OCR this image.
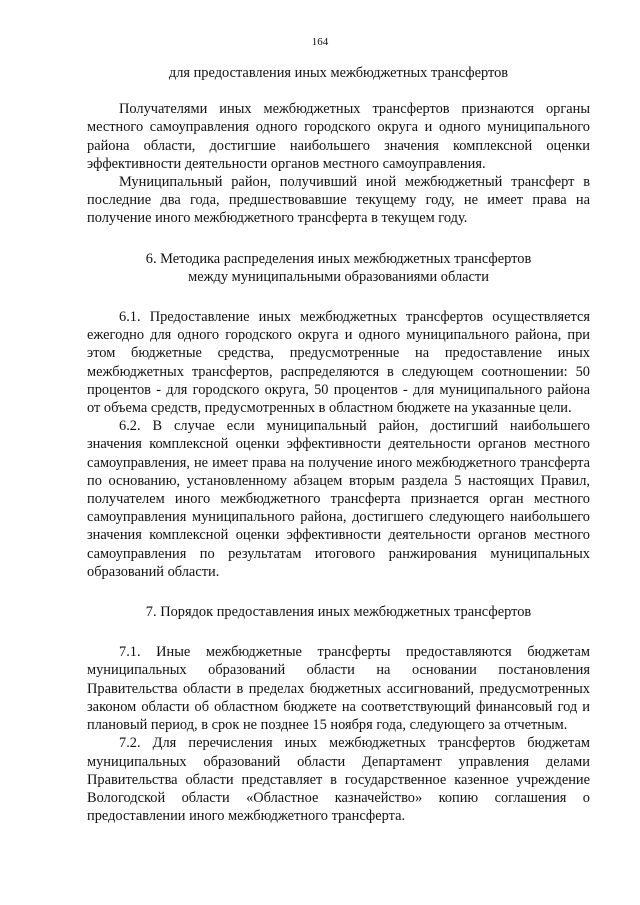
164

для предоставления иных межбюджетных трансфертов

Получателями иных межбюджетных трансфертов признаются органы местного самоуправления одного городского округа и одного муниципального района области, достигшие наибольшего значения комплексной оценки эффективности деятельности органов местного самоуправления.

Муниципальный район, получивший иной межбюджетный трансферт в последние два года, предшествовавшие текущему году, не имеет права на получение иного межбюджетного трансферта в текущем году.

6. Методика распределения иных межбюджетных трансфертов
между муниципальными образованиями области

6.1. Предоставление иных межбюджетных трансфертов осуществляется ежегодно для одного городского округа и одного муниципального района, при этом бюджетные средства, предусмотренные на предоставление иных межбюджетных трансфертов, распределяются в следующем соотношении: 50 процентов - для городского округа, 50 процентов - для муниципального района от объема средств, предусмотренных в областном бюджете на указанные цели.

6.2. В случае если муниципальный район, достигший наибольшего значения комплексной оценки эффективности деятельности органов местного самоуправления, не имеет права на получение иного межбюджетного трансферта по основанию, установленному абзацем вторым раздела 5 настоящих Правил, получателем иного межбюджетного трансферта признается орган местного самоуправления муниципального района, достигшего следующего наибольшего значения комплексной оценки эффективности деятельности органов местного самоуправления по результатам итогового ранжирования муниципальных образований области.

7. Порядок предоставления иных межбюджетных трансфертов

7.1. Иные межбюджетные трансферты предоставляются бюджетам муниципальных образований области на основании постановления Правительства области в пределах бюджетных ассигнований, предусмотренных законом области об областном бюджете на соответствующий финансовый год и плановый период, в срок не позднее 15 ноября года, следующего за отчетным.

7.2. Для перечисления иных межбюджетных трансфертов бюджетам муниципальных образований области Департамент управления делами Правительства области представляет в государственное казенное учреждение Вологодской области «Областное казначейство» копию соглашения о предоставлении иного межбюджетного трансферта.
